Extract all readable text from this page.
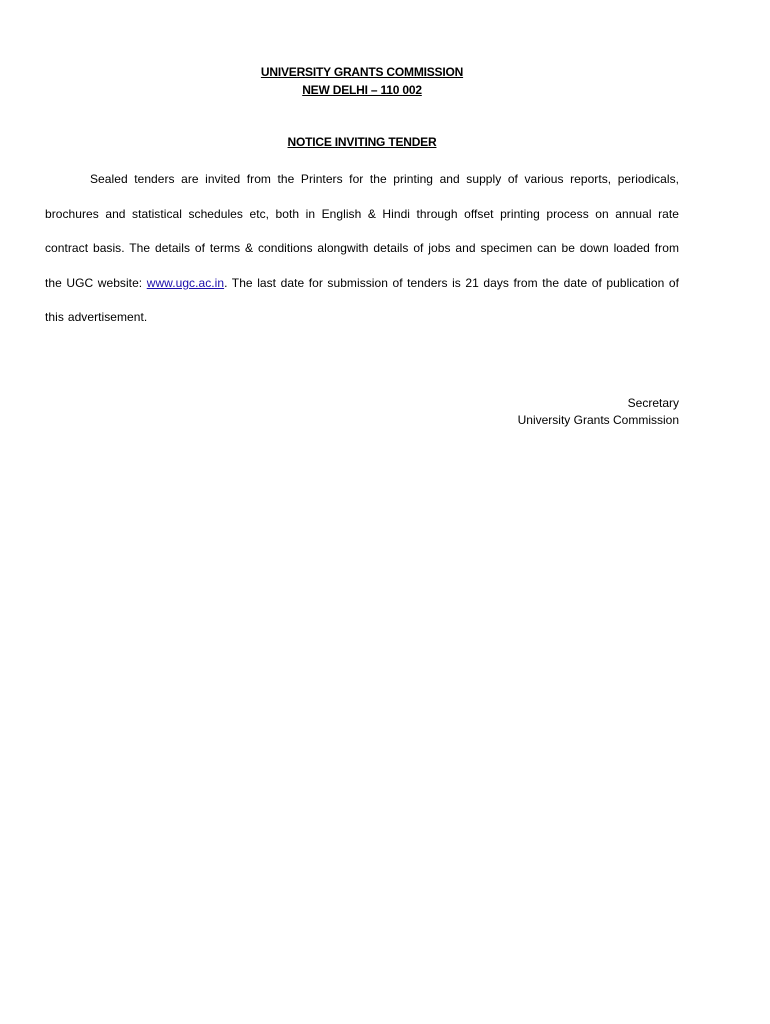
UNIVERSITY GRANTS COMMISSION
NEW DELHI – 110 002
NOTICE INVITING TENDER
Sealed tenders are invited from the Printers for the printing and supply of various reports, periodicals, brochures and statistical schedules etc, both in English & Hindi through offset printing process on annual rate contract basis. The details of terms & conditions alongwith details of jobs and specimen can be down loaded from the UGC website: www.ugc.ac.in. The last date for submission of tenders is 21 days from the date of publication of this advertisement.
Secretary
University Grants Commission
